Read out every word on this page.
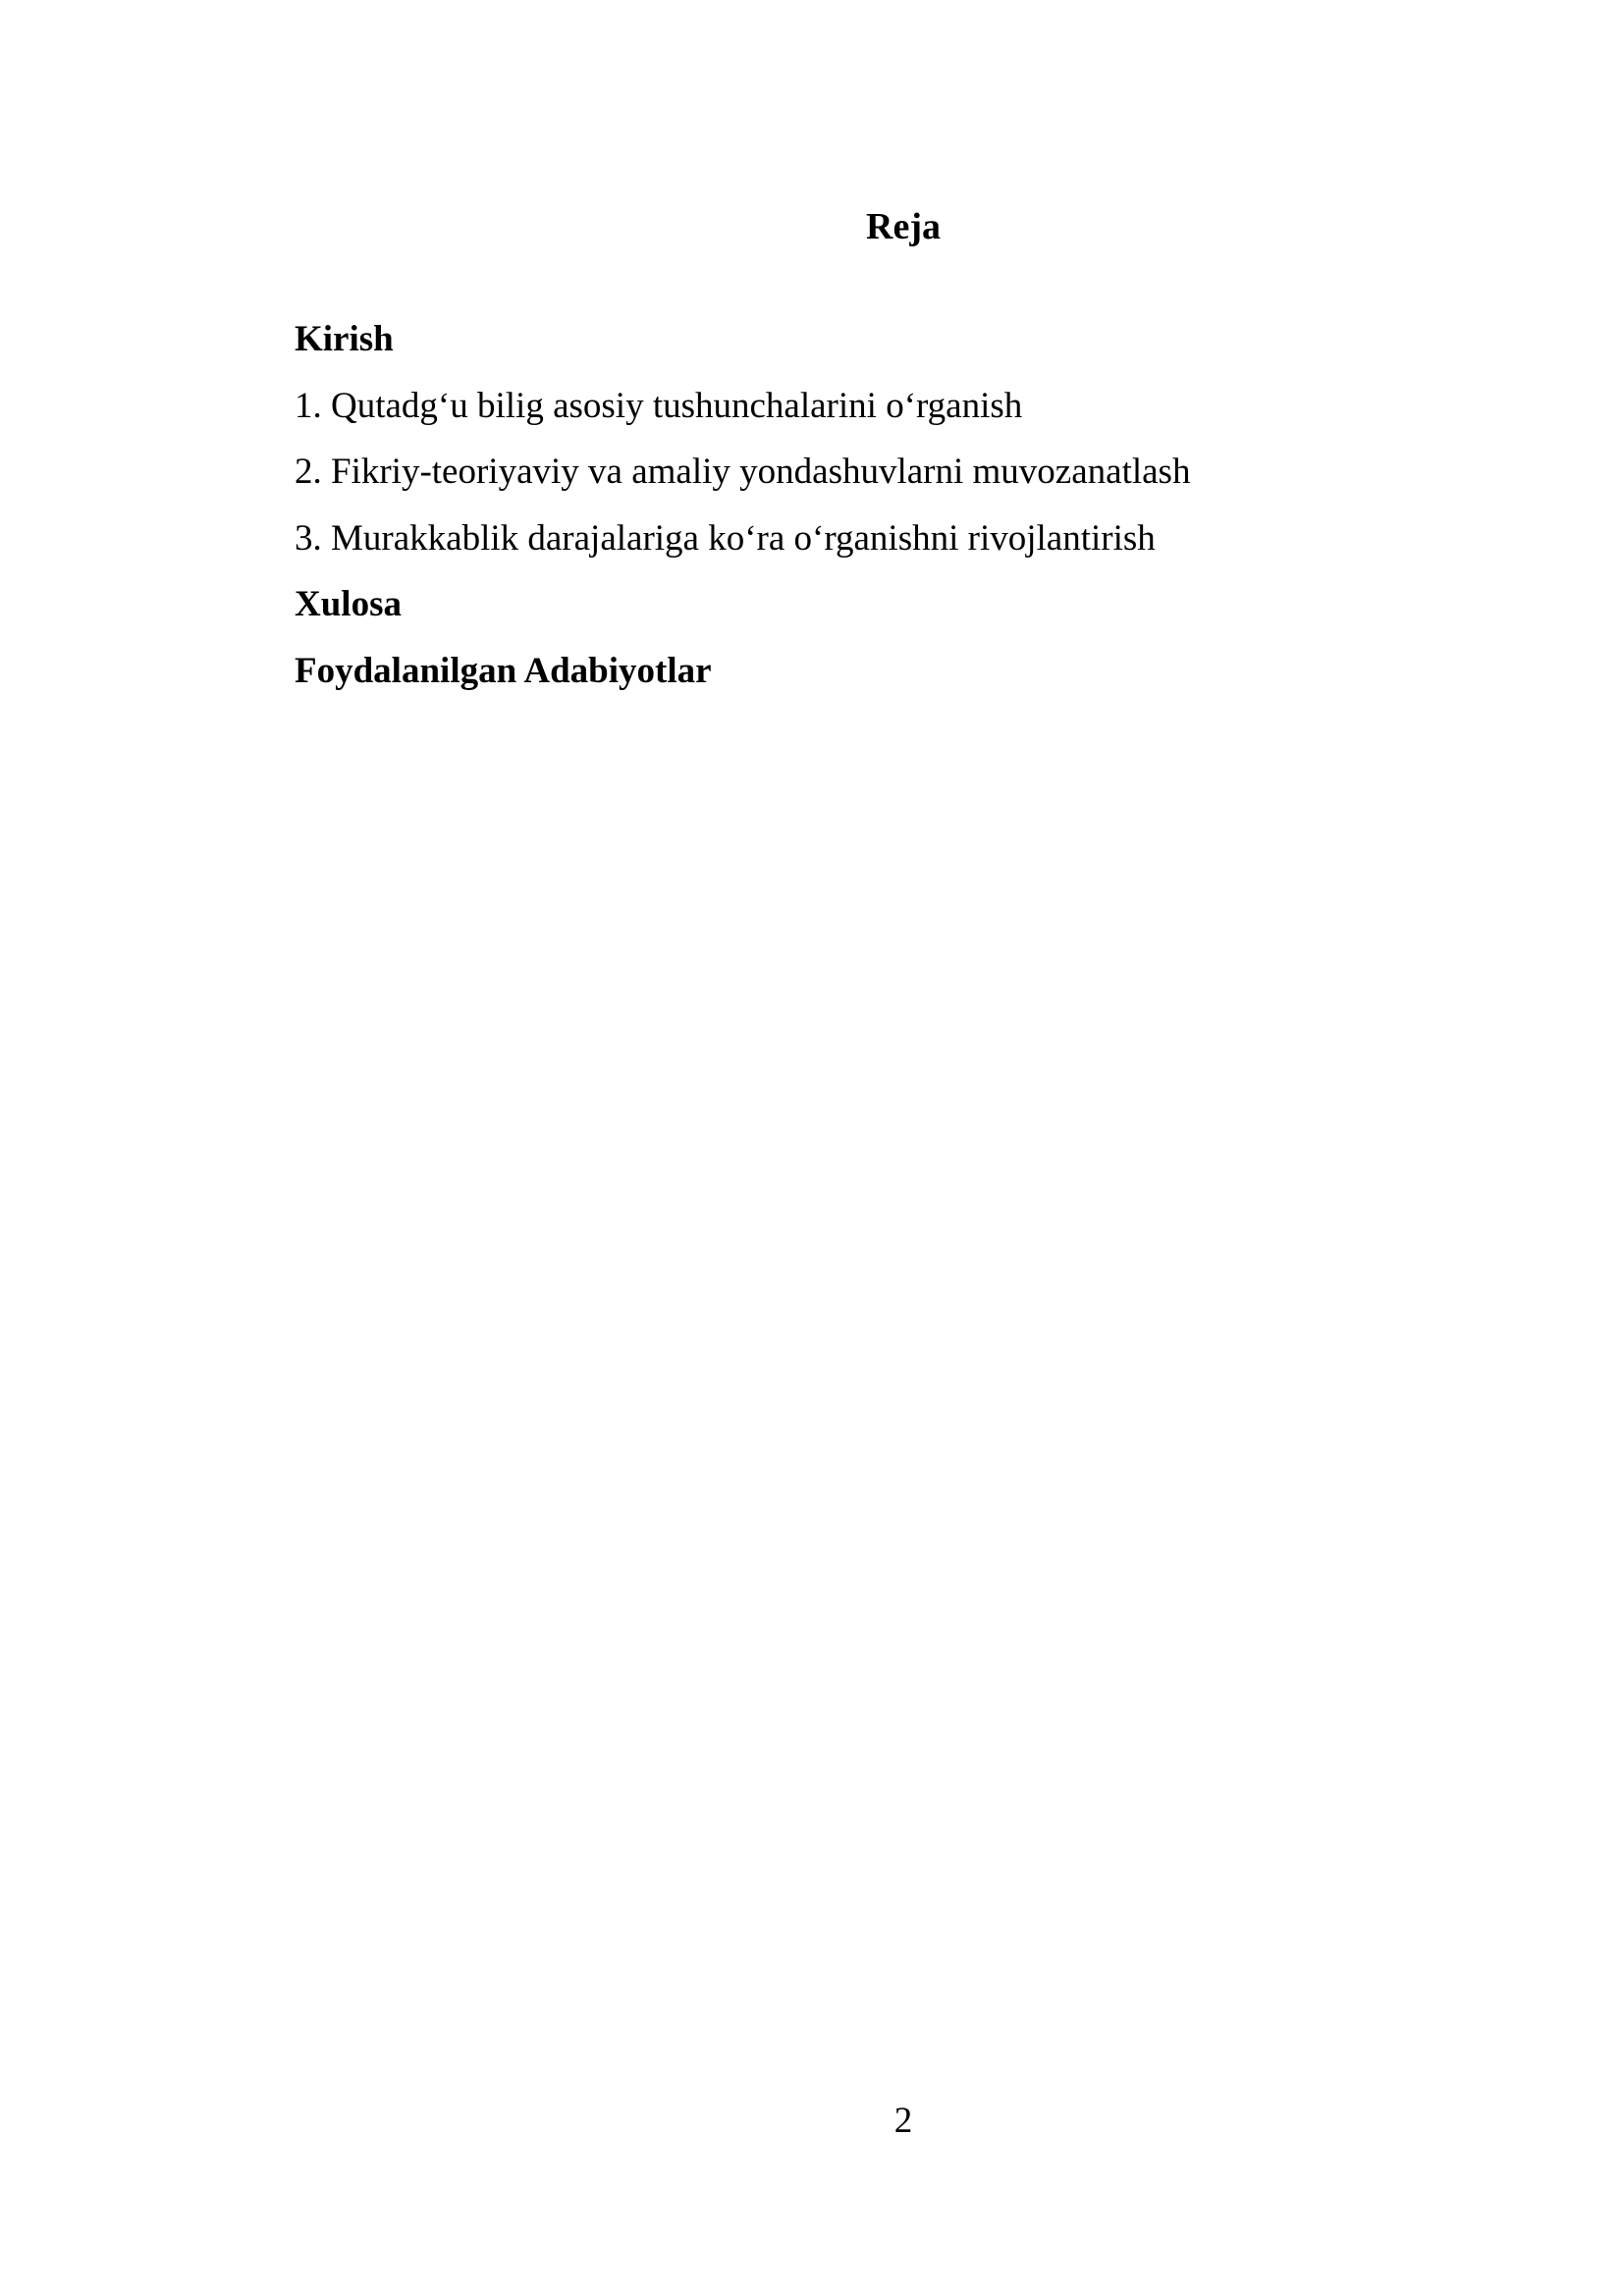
Reja
Kirish
1. Qutadg‘u bilig asosiy tushunchalarini o‘rganish
2. Fikriy-teoriyaviy va amaliy yondashuvlarni muvozanatlash
3. Murakkablik darajalariga ko‘ra o‘rganishni rivojlantirish
Xulosa
Foydalanilgan Adabiyotlar
2
